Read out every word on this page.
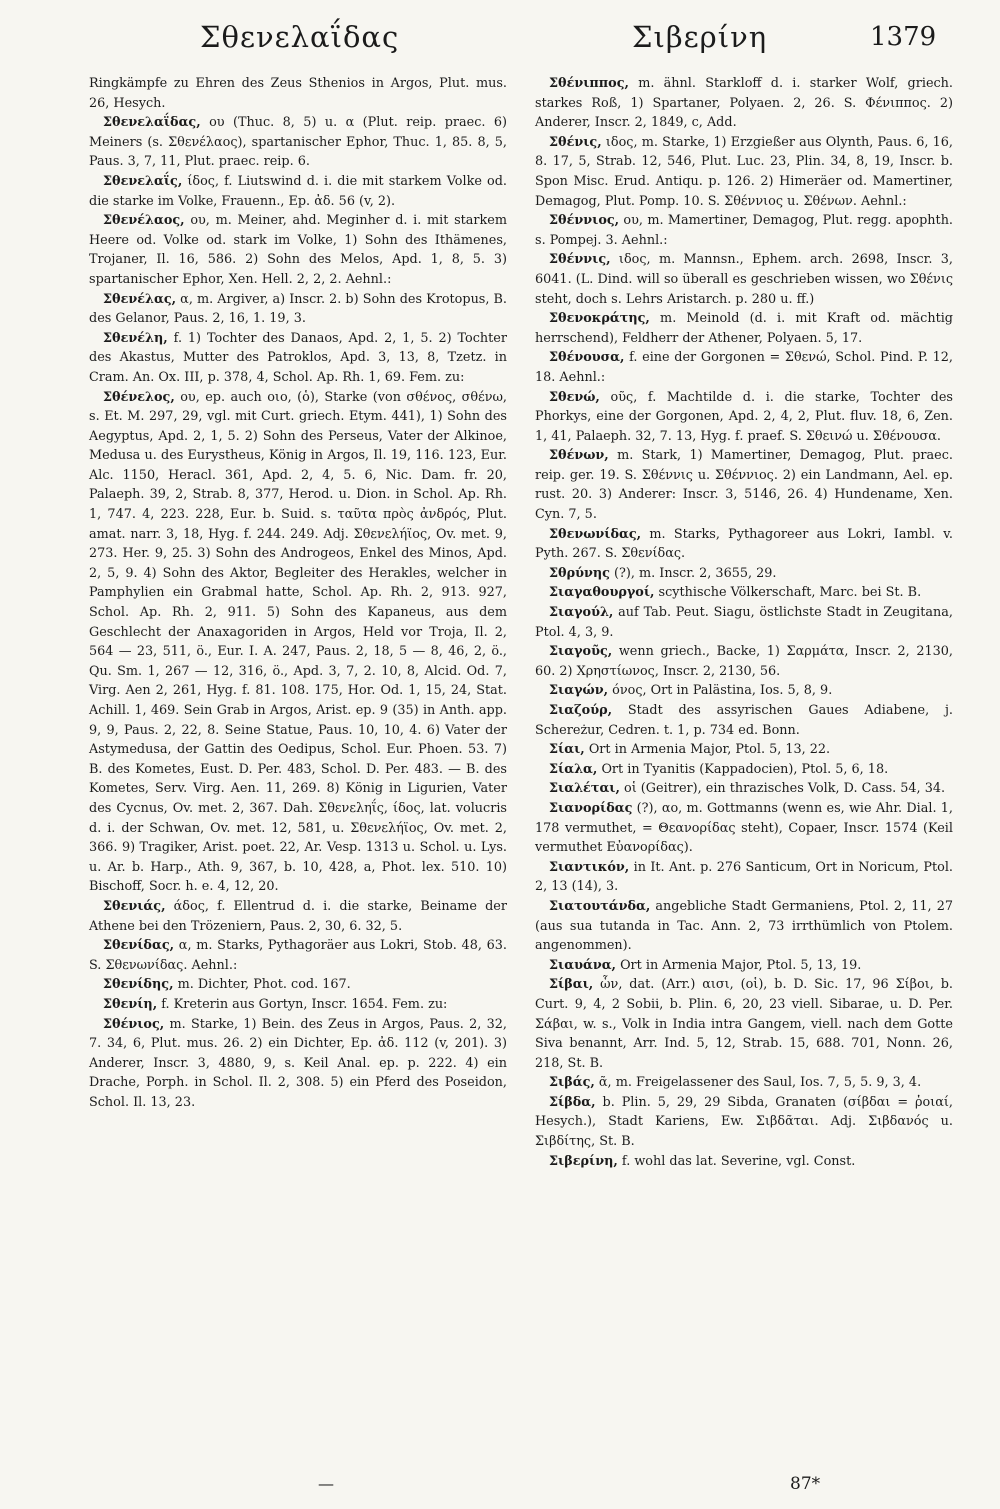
Σθενελαΐδας	Σιβερίνη	1379

Ringkämpfe zu Ehren des Zeus Sthenios in Argos, Plut. mus. 26, Hesych.

Σθενελαΐδας, ου (Thuc. 8, 5) u. α (Plut. reip. praec. 6) Meiners (s. Σθενέλαος), spartanischer Ephor, Thuc. 1, 85. 8, 5, Paus. 3, 7, 11, Plut. praec. reip. 6.

Σθενελαΐς, ίδος, f. Liutswind d. i. die mit starkem Volke od. die starke im Volke, Frauenn., Ep. ἀδ. 56 (v, 2).

Σθενέλαος, ου, m. Meiner, ahd. Meginher d. i. mit starkem Heere od. Volke od. stark im Volke, 1) Sohn des Ithämenes, Trojaner, Il. 16, 586. 2) Sohn des Melos, Apd. 1, 8, 5. 3) spartanischer Ephor, Xen. Hell. 2, 2, 2. Aehnl.:

Σθενέλας, α, m. Argiver, a) Inscr. 2. b) Sohn des Krotopus, B. des Gelanor, Paus. 2, 16, 1. 19, 3.

Σθενέλη, f. 1) Tochter des Danaos, Apd. 2, 1, 5. 2) Tochter des Akastus, Mutter des Patroklos, Apd. 3, 13, 8, Tzetz. in Cram. An. Ox. III, p. 378, 4, Schol. Ap. Rh. 1, 69. Fem. zu:

Σθένελος, ου, ep. auch οιο, (ὁ), Starke (von σθένος, σθένω, s. Et. M. 297, 29, vgl. mit Curt. griech. Etym. 441), 1) Sohn des Aegyptus, Apd. 2, 1, 5. 2) Sohn des Perseus, Vater der Alkinoe, Medusa u. des Eurystheus, König in Argos, Il. 19, 116. 123, Eur. Alc. 1150, Heracl. 361, Apd. 2, 4, 5. 6, Nic. Dam. fr. 20, Palaeph. 39, 2, Strab. 8, 377, Herod. u. Dion. in Schol. Ap. Rh. 1, 747. 4, 223. 228, Eur. b. Suid. s. ταῦτα πρὸς ἀνδρός, Plut. amat. narr. 3, 18, Hyg. f. 244. 249. Adj. Σθενελήϊος, Ov. met. 9, 273. Her. 9, 25. 3) Sohn des Androgeos, Enkel des Minos, Apd. 2, 5, 9. 4) Sohn des Aktor, Begleiter des Herakles, welcher in Pamphylien ein Grabmal hatte, Schol. Ap. Rh. 2, 913. 927, Schol. Ap. Rh. 2, 911. 5) Sohn des Kapaneus, aus dem Geschlecht der Anaxagoriden in Argos, Held vor Troja, Il. 2, 564 — 23, 511, ö., Eur. I. A. 247, Paus. 2, 18, 5 — 8, 46, 2, ö., Qu. Sm. 1, 267 — 12, 316, ö., Apd. 3, 7, 2. 10, 8, Alcid. Od. 7, Virg. Aen 2, 261, Hyg. f. 81. 108. 175, Hor. Od. 1, 15, 24, Stat. Achill. 1, 469. Sein Grab in Argos, Arist. ep. 9 (35) in Anth. app. 9, 9, Paus. 2, 22, 8. Seine Statue, Paus. 10, 10, 4. 6) Vater der Astymedusa, der Gattin des Oedipus, Schol. Eur. Phoen. 53. 7) B. des Kometes, Eust. D. Per. 483, Schol. D. Per. 483. — B. des Kometes, Serv. Virg. Aen. 11, 269. 8) König in Ligurien, Vater des Cycnus, Ov. met. 2, 367. Dah. Σθενεληΐς, ίδος, lat. volucris d. i. der Schwan, Ov. met. 12, 581, u. Σθενελήϊος, Ov. met. 2, 366. 9) Tragiker, Arist. poet. 22, Ar. Vesp. 1313 u. Schol. u. Lys. u. Ar. b. Harp., Ath. 9, 367, b. 10, 428, a, Phot. lex. 510. 10) Bischoff, Socr. h. e. 4, 12, 20.

Σθενιάς, άδος, f. Ellentrud d. i. die starke, Beiname der Athene bei den Trözeniern, Paus. 2, 30, 6. 32, 5.

Σθενίδας, α, m. Starks, Pythagoräer aus Lokri, Stob. 48, 63. S. Σθενωνίδας. Aehnl.:

Σθενίδης, m. Dichter, Phot. cod. 167.

Σθενίη, f. Kreterin aus Gortyn, Inscr. 1654. Fem. zu:

Σθένιος, m. Starke, 1) Bein. des Zeus in Argos, Paus. 2, 32, 7. 34, 6, Plut. mus. 26. 2) ein Dichter, Ep. ἀδ. 112 (v, 201). 3) Anderer, Inscr. 3, 4880, 9, s. Keil Anal. ep. p. 222. 4) ein Drache, Porph. in Schol. Il. 2, 308. 5) ein Pferd des Poseidon, Schol. Il. 13, 23.

Σθένιππος, m. ähnl. Starkloff d. i. starker Wolf, griech. starkes Roß, 1) Spartaner, Polyaen. 2, 26. S. Φένιππος. 2) Anderer, Inscr. 2, 1849, c, Add.

Σθένις, ιδος, m. Starke, 1) Erzgießer aus Olynth, Paus. 6, 16, 8. 17, 5, Strab. 12, 546, Plut. Luc. 23, Plin. 34, 8, 19, Inscr. b. Spon Misc. Erud. Antiqu. p. 126. 2) Himeräer od. Mamertiner, Demagog, Plut. Pomp. 10. S. Σθέννιος u. Σθένων. Aehnl.:

Σθέννιος, ου, m. Mamertiner, Demagog, Plut. regg. apophth. s. Pompej. 3. Aehnl.:

Σθέννις, ιδος, m. Mannsn., Ephem. arch. 2698, Inscr. 3, 6041. (L. Dind. will so überall es geschrieben wissen, wo Σθένις steht, doch s. Lehrs Aristarch. p. 280 u. ff.)

Σθενοκράτης, m. Meinold (d. i. mit Kraft od. mächtig herrschend), Feldherr der Athener, Polyaen. 5, 17.

Σθένουσα, f. eine der Gorgonen = Σθενώ, Schol. Pind. P. 12, 18. Aehnl.:

Σθενώ, οῦς, f. Machtilde d. i. die starke, Tochter des Phorkys, eine der Gorgonen, Apd. 2, 4, 2, Plut. fluv. 18, 6, Zen. 1, 41, Palaeph. 32, 7. 13, Hyg. f. praef. S. Σθεινώ u. Σθένουσα.

Σθένων, m. Stark, 1) Mamertiner, Demagog, Plut. praec. reip. ger. 19. S. Σθέννις u. Σθέννιος. 2) ein Landmann, Ael. ep. rust. 20. 3) Anderer: Inscr. 3, 5146, 26. 4) Hundename, Xen. Cyn. 7, 5.

Σθενωνίδας, m. Starks, Pythagoreer aus Lokri, Iambl. v. Pyth. 267. S. Σθενίδας.

Σθρύνης (?), m. Inscr. 2, 3655, 29.

Σιαγαθουργοί, scythische Völkerschaft, Marc. bei St. B.

Σιαγούλ, auf Tab. Peut. Siagu, östlichste Stadt in Zeugitana, Ptol. 4, 3, 9.

Σιαγοῦς, wenn griech., Backe, 1) Σαρμάτα, Inscr. 2, 2130, 60. 2) Χρηστίωνος, Inscr. 2, 2130, 56.

Σιαγών, όνος, Ort in Palästina, Ios. 5, 8, 9.

Σιαζούρ, Stadt des assyrischen Gaues Adiabene, j. Schereżur, Cedren. t. 1, p. 734 ed. Bonn.

Σίαι, Ort in Armenia Major, Ptol. 5, 13, 22.

Σίαλα, Ort in Tyanitis (Kappadocien), Ptol. 5, 6, 18.

Σιαλέται, οἱ (Geitrer), ein thrazisches Volk, D. Cass. 54, 34.

Σιανορίδας (?), αο, m. Gottmanns (wenn es, wie Ahr. Dial. 1, 178 vermuthet, = Θεανορίδας steht), Copaer, Inscr. 1574 (Keil vermuthet Εὐανορίδας).

Σιαντικόν, in It. Ant. p. 276 Santicum, Ort in Noricum, Ptol. 2, 13 (14), 3.

Σιατουτάνδα, angebliche Stadt Germaniens, Ptol. 2, 11, 27 (aus sua tutanda in Tac. Ann. 2, 73 irrthümlich von Ptolem. angenommen).

Σιαυάνα, Ort in Armenia Major, Ptol. 5, 13, 19.

Σίβαι, ὧν, dat. (Arr.) αισι, (οἱ), b. D. Sic. 17, 96 Σίβοι, b. Curt. 9, 4, 2 Sobii, b. Plin. 6, 20, 23 viell. Sibarae, u. D. Per. Σάβαι, w. s., Volk in India intra Gangem, viell. nach dem Gotte Siva benannt, Arr. Ind. 5, 12, Strab. 15, 688. 701, Nonn. 26, 218, St. B.

Σιβάς, ᾶ, m. Freigelassener des Saul, Ios. 7, 5, 5. 9, 3, 4.

Σίβδα, b. Plin. 5, 29, 29 Sibda, Granaten (σίβδαι = ῥοιαί, Hesych.), Stadt Kariens, Ew. Σιβδᾶται. Adj. Σιβδανός u. Σιβδίτης, St. B.

Σιβερίνη, f. wohl das lat. Severine, vgl. Const.

—	87*
